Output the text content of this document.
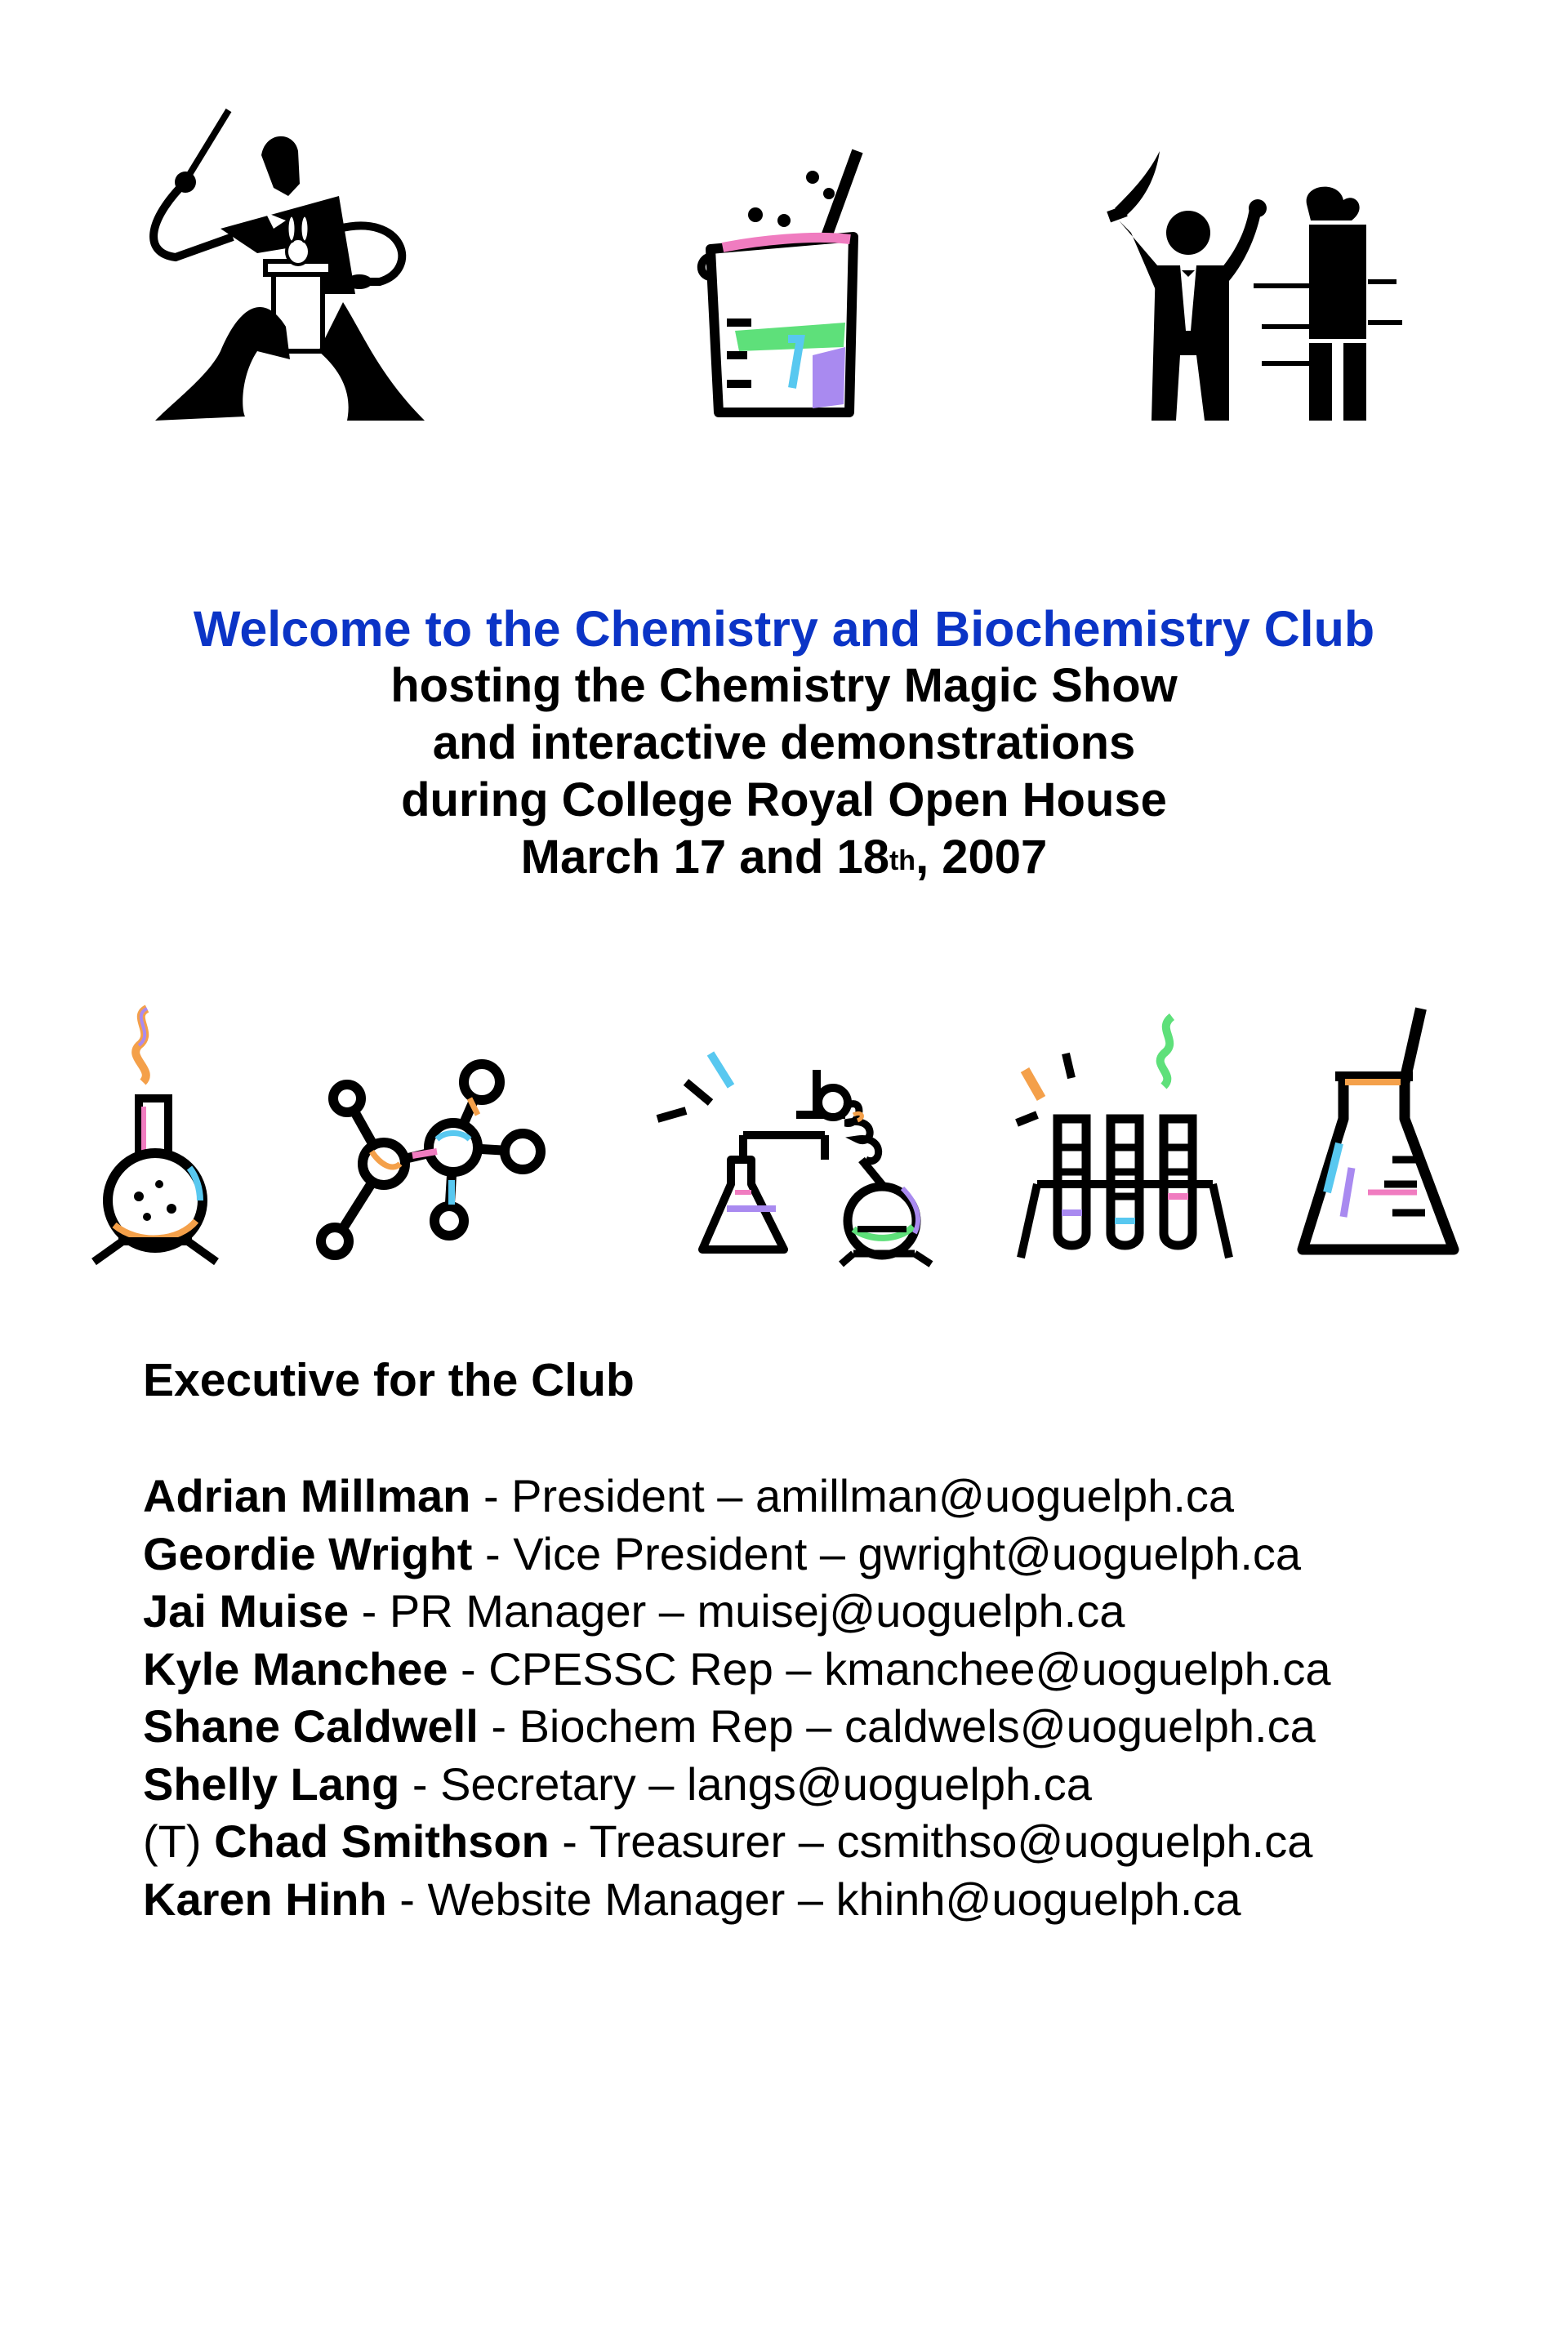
Welcome to the Chemistry and Biochemistry Club
hosting the Chemistry Magic Show
and interactive demonstrations
during College Royal Open House
March 17 and 18th, 2007
Executive for the Club
Adrian Millman - President – amillman@uoguelph.ca
Geordie Wright - Vice President – gwright@uoguelph.ca
Jai Muise - PR Manager – muisej@uoguelph.ca
Kyle Manchee - CPESSC Rep – kmanchee@uoguelph.ca
Shane Caldwell - Biochem Rep – caldwels@uoguelph.ca
Shelly Lang - Secretary – langs@uoguelph.ca
(T) Chad Smithson - Treasurer – csmithso@uoguelph.ca
Karen Hinh - Website Manager – khinh@uoguelph.ca
